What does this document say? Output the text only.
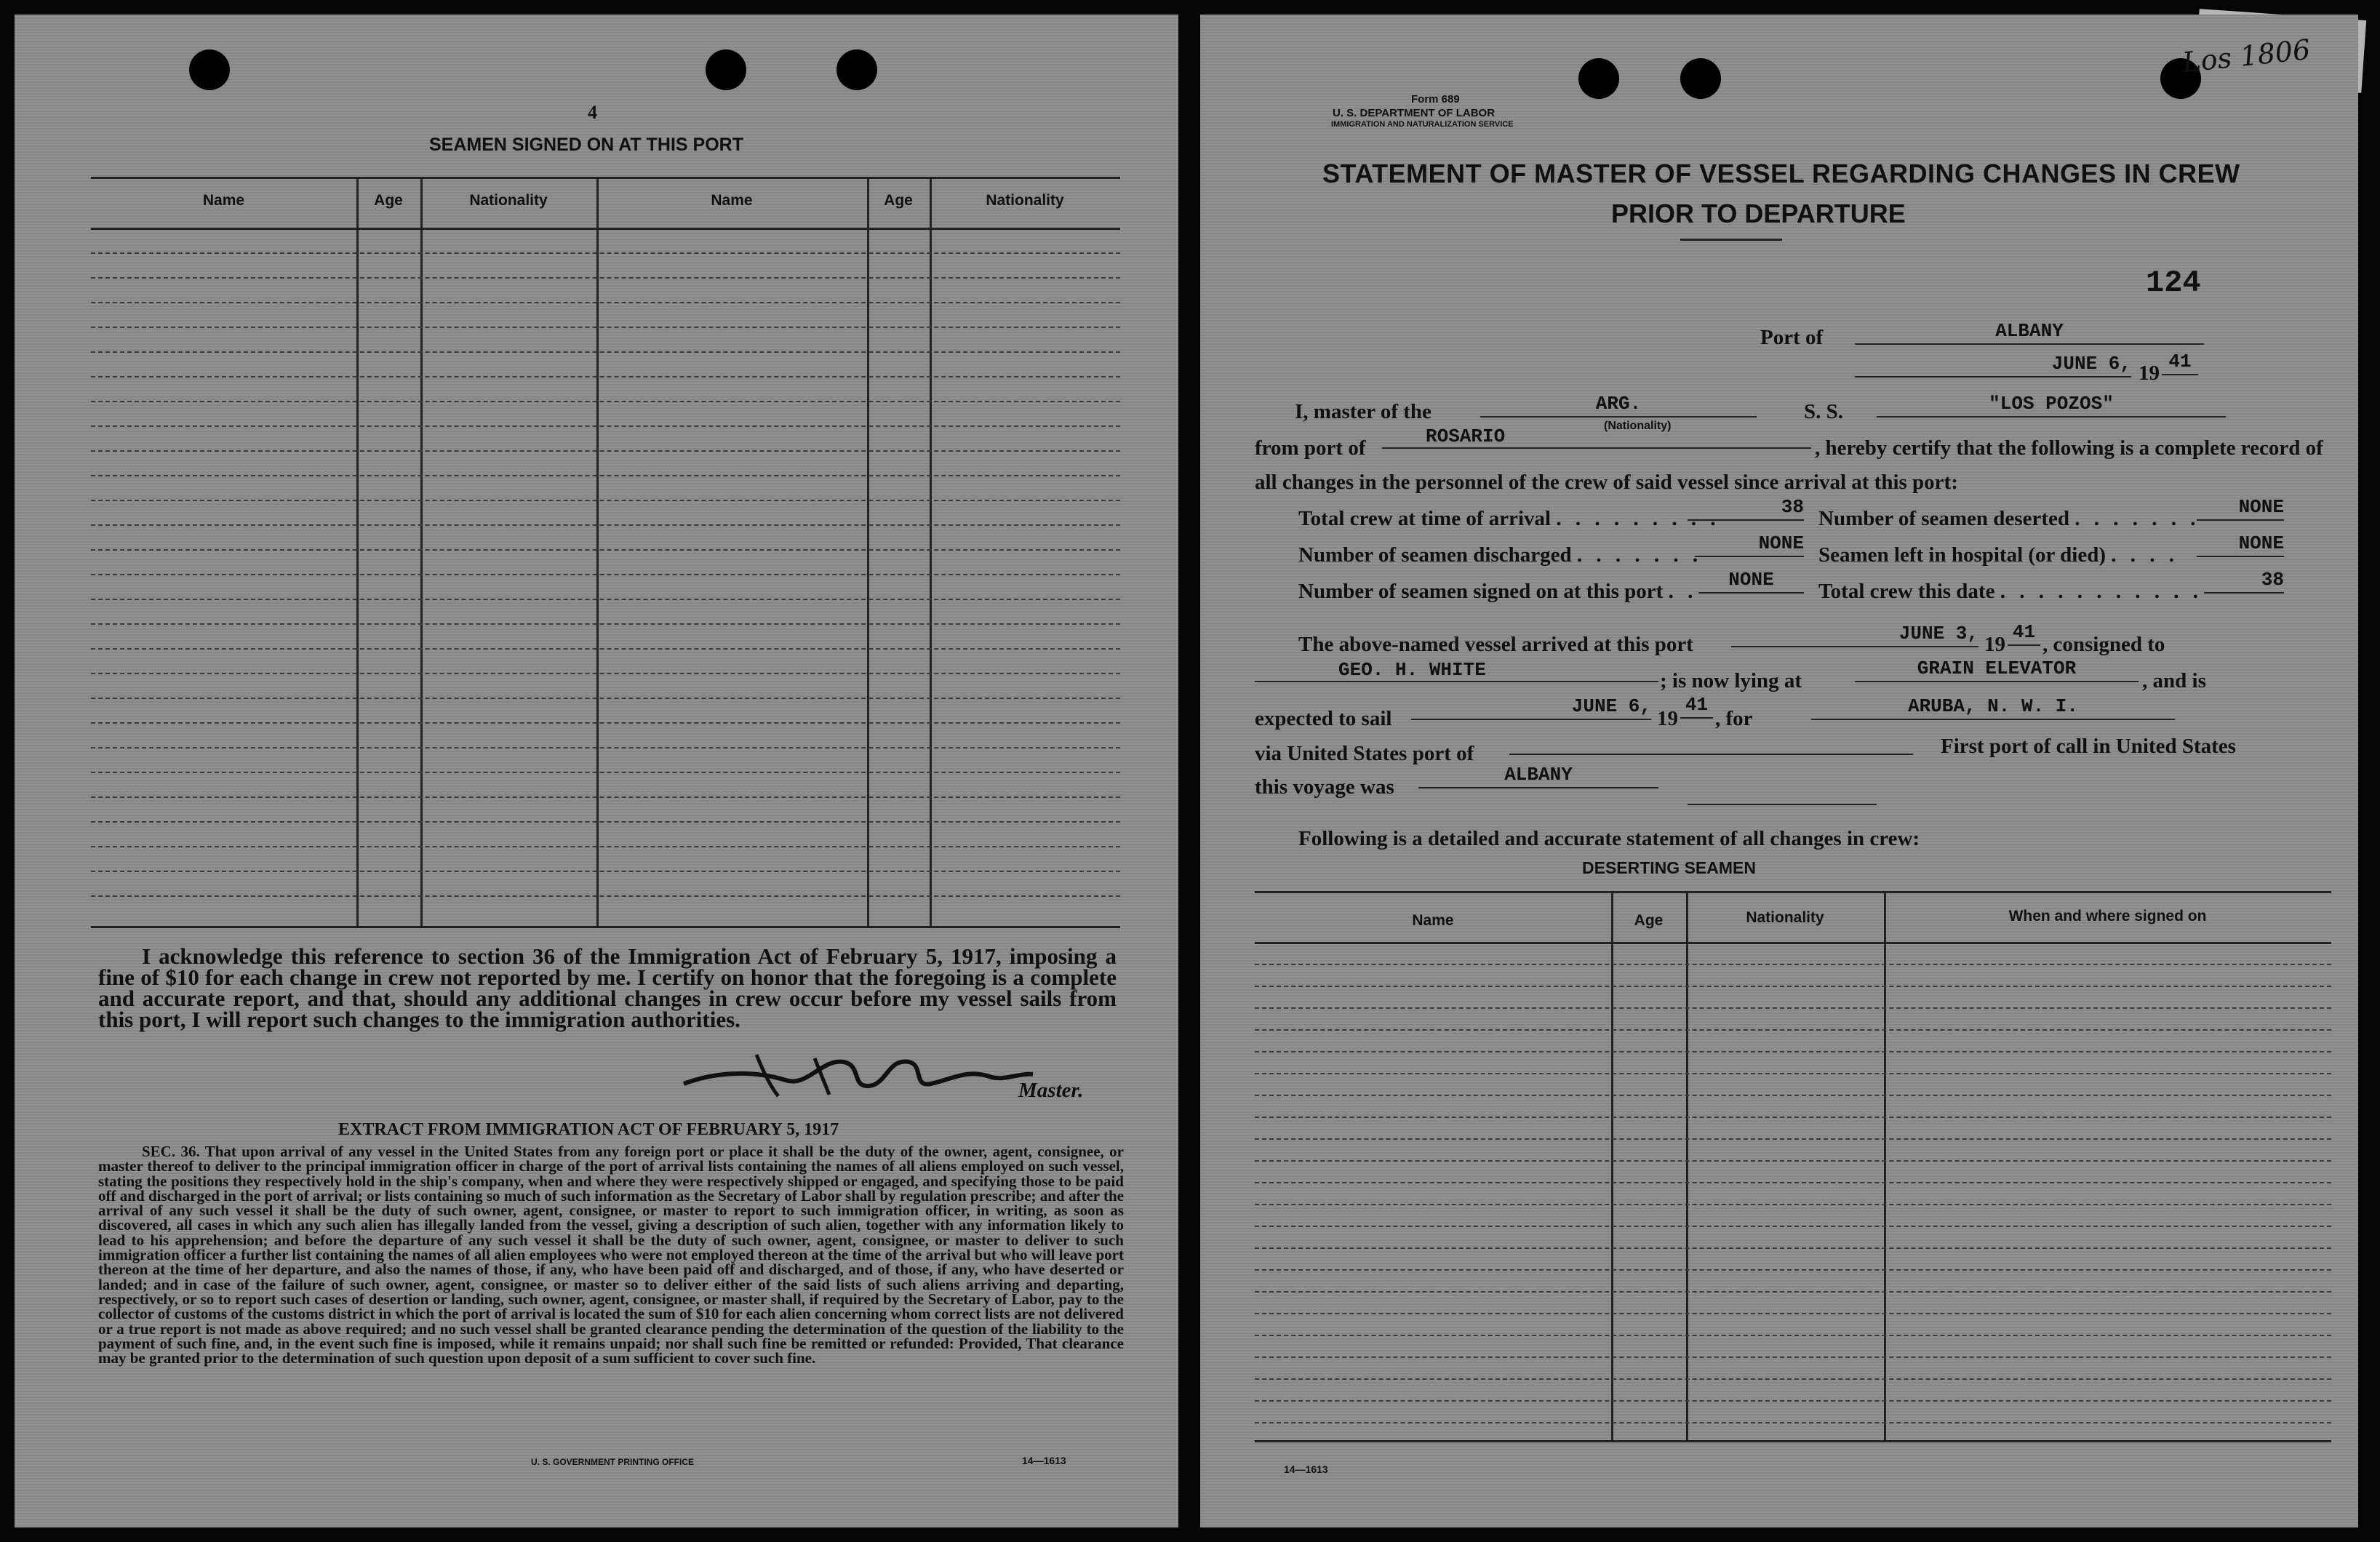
4
SEAMEN SIGNED ON AT THIS PORT
Name	Age	Nationality	Name	Age	Nationality
I acknowledge this reference to section 36 of the Immigration Act of February 5, 1917, imposing a fine of $10 for each change in crew not reported by me. I certify on honor that the foregoing is a complete and accurate report, and that, should any additional changes in crew occur before my vessel sails from this port, I will report such changes to the immigration authorities.
Master.
EXTRACT FROM IMMIGRATION ACT OF FEBRUARY 5, 1917
SEC. 36. That upon arrival of any vessel in the United States from any foreign port or place it shall be the duty of the owner, agent, consignee, or master thereof to deliver to the principal immigration officer in charge of the port of arrival lists containing the names of all aliens employed on such vessel, stating the positions they respectively hold in the ship's company, when and where they were respectively shipped or engaged, and specifying those to be paid off and discharged in the port of arrival; or lists containing so much of such information as the Secretary of Labor shall by regulation prescribe; and after the arrival of any such vessel it shall be the duty of such owner, agent, consignee, or master to report to such immigration officer, in writing, as soon as discovered, all cases in which any such alien has illegally landed from the vessel, giving a description of such alien, together with any information likely to lead to his apprehension; and before the departure of any such vessel it shall be the duty of such owner, agent, consignee, or master to deliver to such immigration officer a further list containing the names of all alien employees who were not employed thereon at the time of the arrival but who will leave port thereon at the time of her departure, and also the names of those, if any, who have been paid off and discharged, and of those, if any, who have deserted or landed; and in case of the failure of such owner, agent, consignee, or master so to deliver either of the said lists of such aliens arriving and departing, respectively, or so to report such cases of desertion or landing, such owner, agent, consignee, or master shall, if required by the Secretary of Labor, pay to the collector of customs of the customs district in which the port of arrival is located the sum of $10 for each alien concerning whom correct lists are not delivered or a true report is not made as above required; and no such vessel shall be granted clearance pending the determination of the question of the liability to the payment of such fine, and, in the event such fine is imposed, while it remains unpaid; nor shall such fine be remitted or refunded: Provided, That clearance may be granted prior to the determination of such question upon deposit of a sum sufficient to cover such fine.
U. S. GOVERNMENT PRINTING OFFICE	14—1613
Form 689
U. S. DEPARTMENT OF LABOR
IMMIGRATION AND NATURALIZATION SERVICE
STATEMENT OF MASTER OF VESSEL REGARDING CHANGES IN CREW
PRIOR TO DEPARTURE
124
Port of	ALBANY
JUNE 6, 19 41
I, master of the	ARG.
(Nationality)
S. S.	"LOS POZOS"
from port of	ROSARIO	, hereby certify that the following is a complete record of
all changes in the personnel of the crew of said vessel since arrival at this port:
Total crew at time of arrival . . . . . . . . .	38 Number of seamen deserted . . . . . . .	NONE
Number of seamen discharged . . . . . . .	NONE Seamen left in hospital (or died) . . . .	NONE
Number of seamen signed on at this port . .	NONE	Total crew this date . . . . . . . . . . .	38
The above-named vessel arrived at this port	JUNE 3, 19
41
, consigned to
GEO. H. WHITE	; is now lying at
GRAIN ELEVATOR
, and is
expected to sail
JUNE 6,
19
41
, for
ARUBA, N. W. I.
via United States port of	First port of call in United States
this voyage was
ALBANY
Following is a detailed and accurate statement of all changes in crew:
DESERTING SEAMEN
Name	Age	Nationality	When and where signed on
14—1613
Los 1806
